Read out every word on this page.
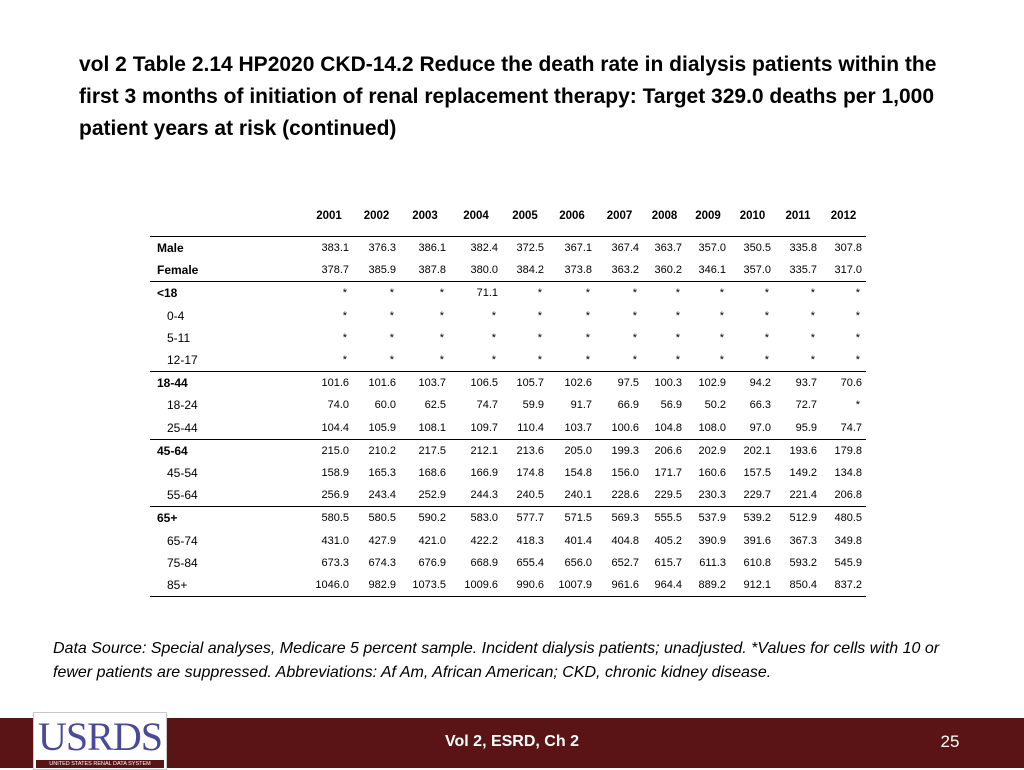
vol 2 Table 2.14 HP2020 CKD-14.2 Reduce the death rate in dialysis patients within the first 3 months of initiation of renal replacement therapy: Target 329.0 deaths per 1,000 patient years at risk (continued)
	2001	2002	2003	2004	2005	2006	2007	2008	2009	2010	2011	2012

Male	383.1	376.3	386.1	382.4	372.5	367.1	367.4	363.7	357.0	350.5	335.8	307.8
Female	378.7	385.9	387.8	380.0	384.2	373.8	363.2	360.2	346.1	357.0	335.7	317.0
<18	*	*	*	71.1	*	*	*	*	*	*	*	*
0-4	*	*	*	*	*	*	*	*	*	*	*	*
5-11	*	*	*	*	*	*	*	*	*	*	*	*
12-17	*	*	*	*	*	*	*	*	*	*	*	*
18-44	101.6	101.6	103.7	106.5	105.7	102.6	97.5	100.3	102.9	94.2	93.7	70.6
18-24	74.0	60.0	62.5	74.7	59.9	91.7	66.9	56.9	50.2	66.3	72.7	*
25-44	104.4	105.9	108.1	109.7	110.4	103.7	100.6	104.8	108.0	97.0	95.9	74.7
45-64	215.0	210.2	217.5	212.1	213.6	205.0	199.3	206.6	202.9	202.1	193.6	179.8
45-54	158.9	165.3	168.6	166.9	174.8	154.8	156.0	171.7	160.6	157.5	149.2	134.8
55-64	256.9	243.4	252.9	244.3	240.5	240.1	228.6	229.5	230.3	229.7	221.4	206.8
65+	580.5	580.5	590.2	583.0	577.7	571.5	569.3	555.5	537.9	539.2	512.9	480.5
65-74	431.0	427.9	421.0	422.2	418.3	401.4	404.8	405.2	390.9	391.6	367.3	349.8
75-84	673.3	674.3	676.9	668.9	655.4	656.0	652.7	615.7	611.3	610.8	593.2	545.9
85+	1046.0	982.9	1073.5	1009.6	990.6	1007.9	961.6	964.4	889.2	912.1	850.4	837.2
Data Source: Special analyses, Medicare 5 percent sample. Incident dialysis patients; unadjusted. *Values for cells with 10 or fewer patients are suppressed. Abbreviations: Af Am, African American; CKD, chronic kidney disease.
USRDS
UNITED STATES RENAL DATA SYSTEM
Vol 2, ESRD, Ch 2	25
